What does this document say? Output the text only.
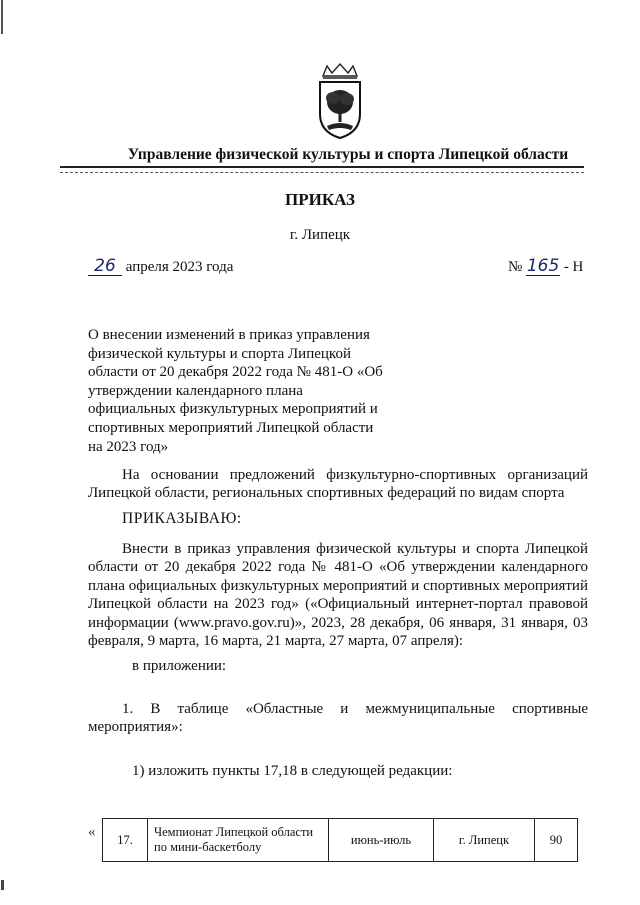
Управление физической культуры и спорта Липецкой области
ПРИКАЗ
г. Липецк
26 апреля 2023 года	№ 165 - Н
О внесении изменений в приказ управления физической культуры и спорта Липецкой области от 20 декабря 2022 года № 481-О «Об утверждении календарного плана официальных физкультурных мероприятий и спортивных мероприятий Липецкой области на 2023 год»
На основании предложений физкультурно-спортивных организаций Липецкой области, региональных спортивных федераций по видам спорта
ПРИКАЗЫВАЮ:
Внести в приказ управления физической культуры и спорта Липецкой области от 20 декабря 2022 года № 481-О «Об утверждении календарного плана официальных физкультурных мероприятий и спортивных мероприятий Липецкой области на 2023 год» («Официальный интернет-портал правовой информации (www.pravo.gov.ru)», 2023, 28 декабря, 06 января, 31 января, 03 февраля, 9 марта, 16 марта, 21 марта, 27 марта, 07 апреля):
в приложении:
1. В таблице «Областные и межмуниципальные спортивные мероприятия»:
1) изложить пункты 17,18 в следующей редакции:
« 17.	Чемпионат Липецкой области по мини-баскетболу	июнь-июль	г. Липецк	90
